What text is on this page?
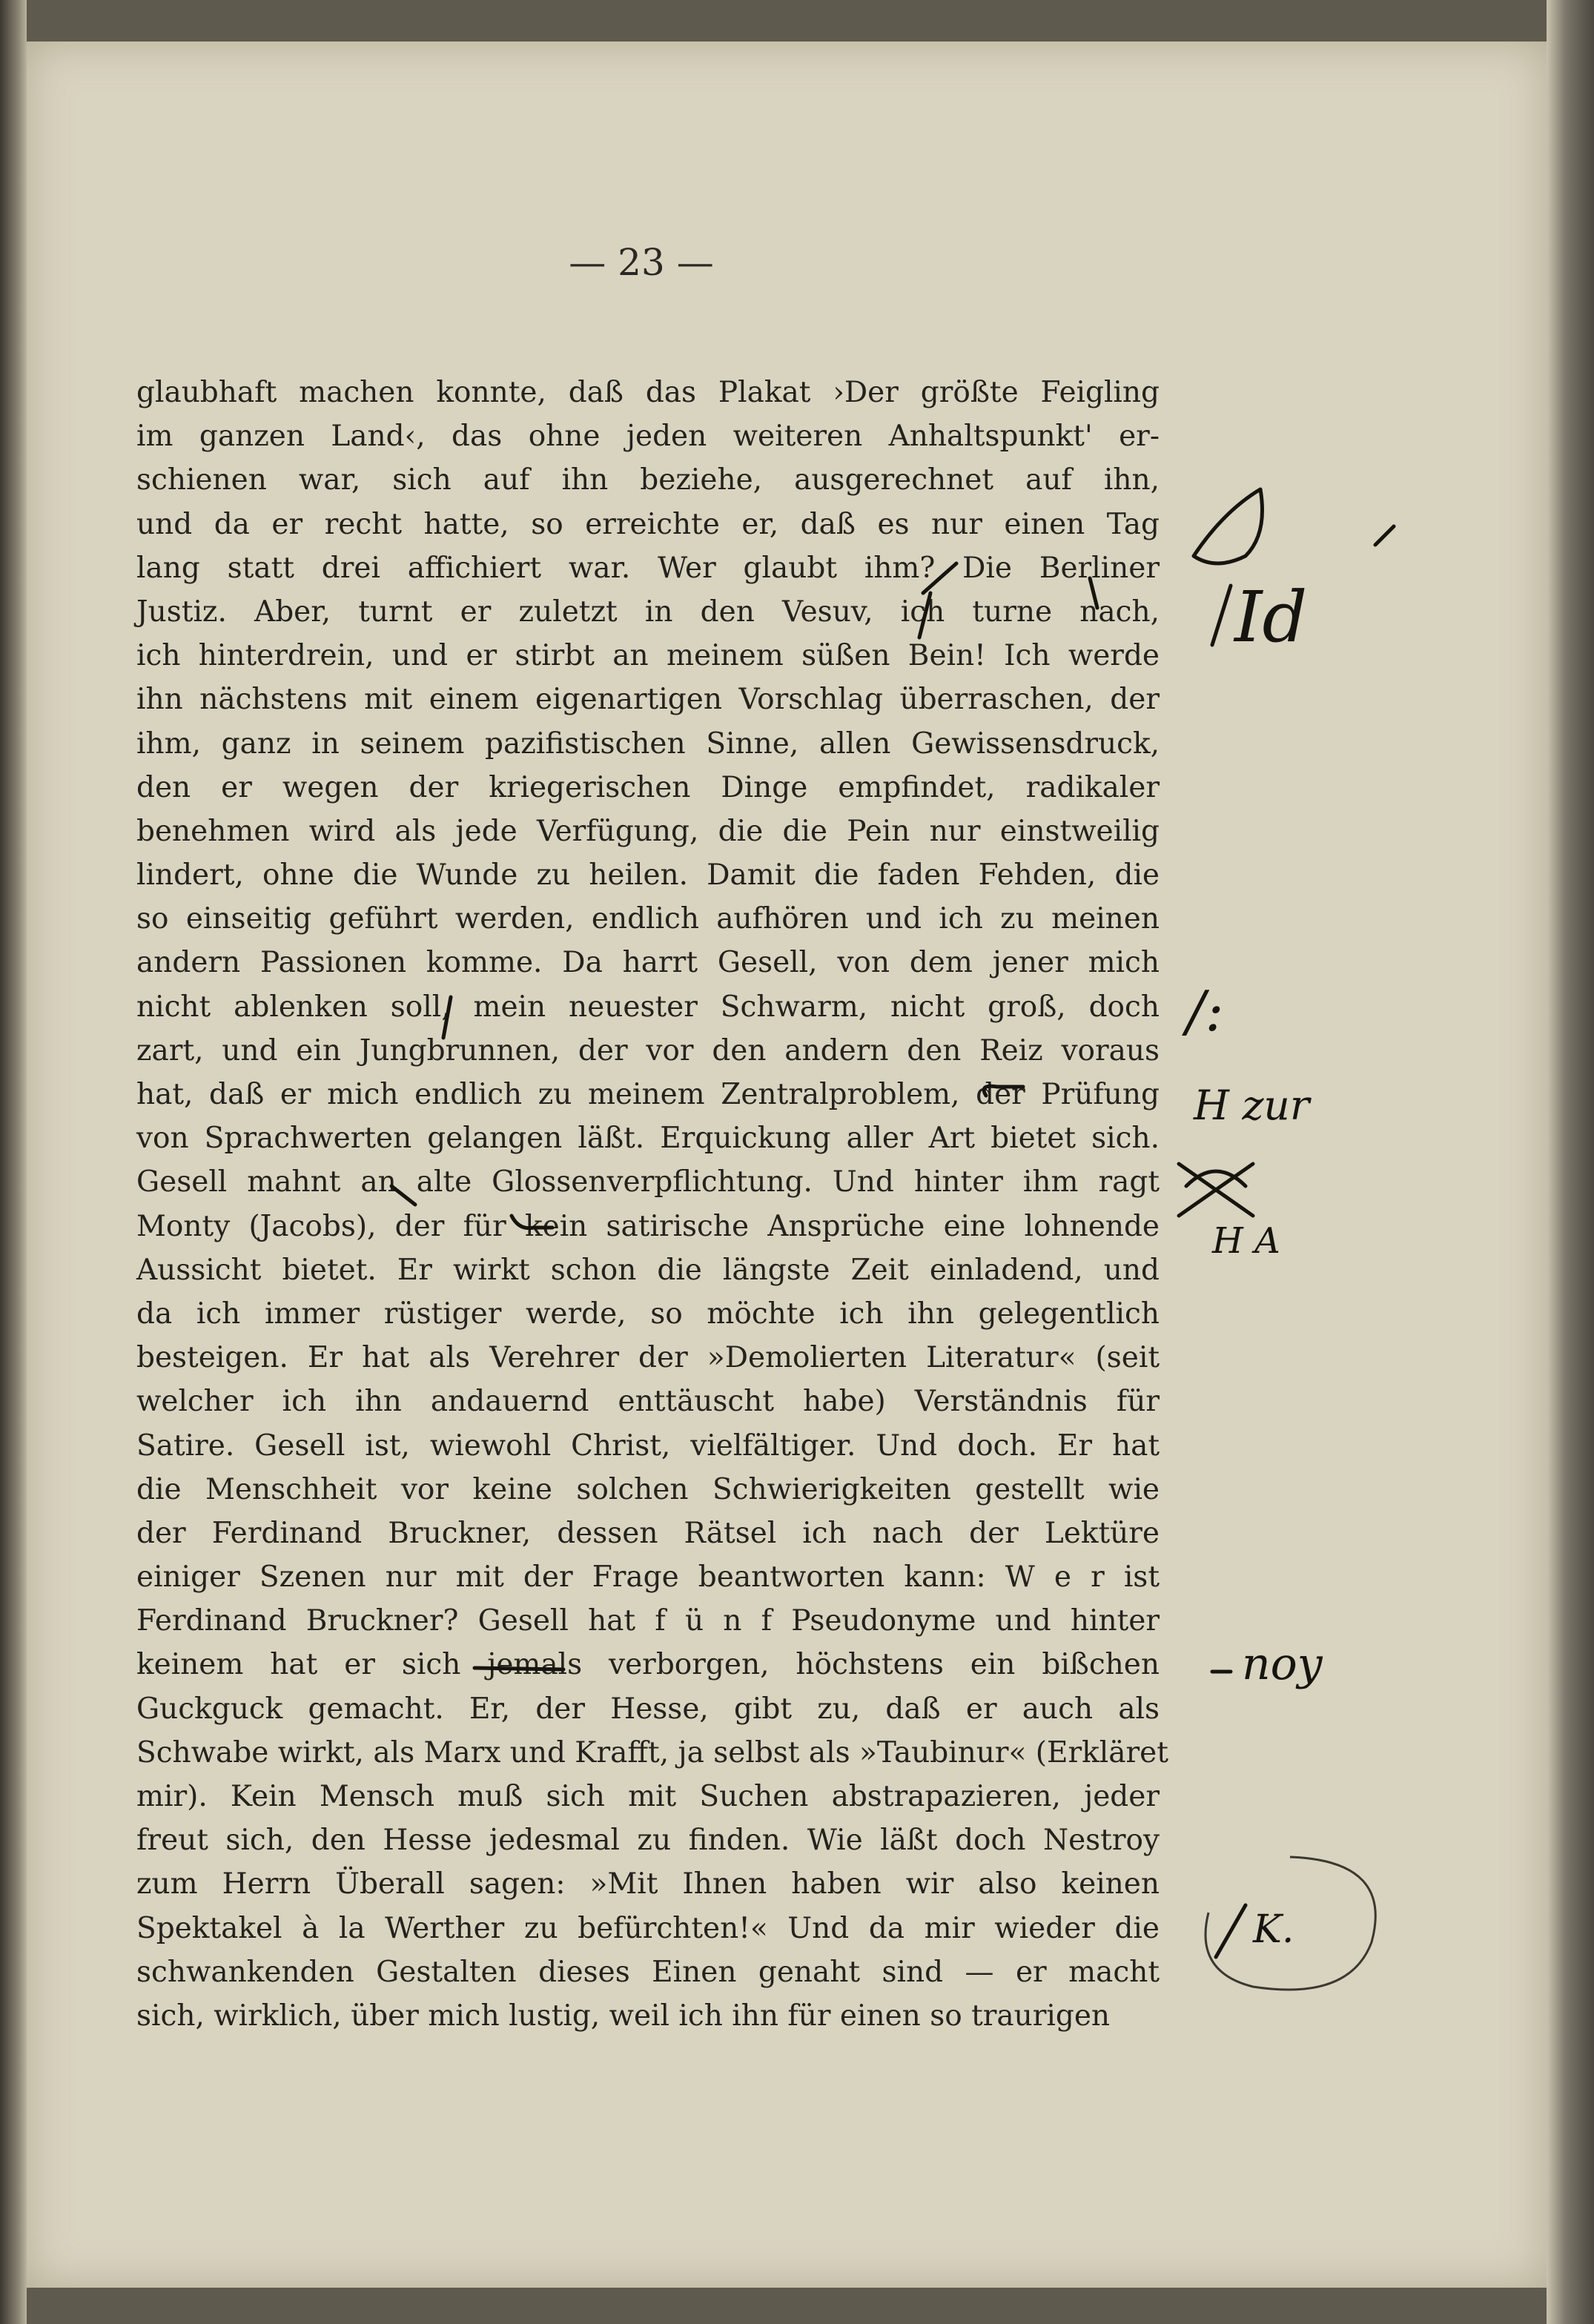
— 23 —
glaubhaft machen konnte, daß das Plakat ›Der größte Feigling
im ganzen Land‹, das ohne jeden weiteren Anhaltspunkt' er-
schienen war, sich auf ihn beziehe, ausgerechnet auf ihn,
und da er recht hatte, so erreichte er, daß es nur einen Tag
lang statt drei affichiert war. Wer glaubt ihm? Die Berliner
Justiz. Aber, turnt er zuletzt in den Vesuv, ich turne nach,
ich hinterdrein, und er stirbt an meinem süßen Bein! Ich werde
ihn nächstens mit einem eigenartigen Vorschlag überraschen, der
ihm, ganz in seinem pazifistischen Sinne, allen Gewissensdruck,
den er wegen der kriegerischen Dinge empfindet, radikaler
benehmen wird als jede Verfügung, die die Pein nur einstweilig
lindert, ohne die Wunde zu heilen. Damit die faden Fehden, die
so einseitig geführt werden, endlich aufhören und ich zu meinen
andern Passionen komme. Da harrt Gesell, von dem jener mich
nicht ablenken soll, mein neuester Schwarm, nicht groß, doch
zart, und ein Jungbrunnen, der vor den andern den Reiz voraus
hat, daß er mich endlich zu meinem Zentralproblem, der Prüfung
von Sprachwerten gelangen läßt. Erquickung aller Art bietet sich.
Gesell mahnt an alte Glossenverpflichtung. Und hinter ihm ragt
Monty (Jacobs), der für kein satirische Ansprüche eine lohnende
Aussicht bietet. Er wirkt schon die längste Zeit einladend, und
da ich immer rüstiger werde, so möchte ich ihn gelegentlich
besteigen. Er hat als Verehrer der »Demolierten Literatur« (seit
welcher ich ihn andauernd enttäuscht habe) Verständnis für
Satire. Gesell ist, wiewohl Christ, vielfältiger. Und doch. Er hat
die Menschheit vor keine solchen Schwierigkeiten gestellt wie
der Ferdinand Bruckner, dessen Rätsel ich nach der Lektüre
einiger Szenen nur mit der Frage beantworten kann: W e r ist
Ferdinand Bruckner? Gesell hat f ü n f Pseudonyme und hinter
keinem hat er sich jemals verborgen, höchstens ein bißchen
Guckguck gemacht. Er, der Hesse, gibt zu, daß er auch als
Schwabe wirkt, als Marx und Krafft, ja selbst als »Taubinur« (Erkläret
mir). Kein Mensch muß sich mit Suchen abstrapazieren, jeder
freut sich, den Hesse jedesmal zu finden. Wie läßt doch Nestroy
zum Herrn Überall sagen: »Mit Ihnen haben wir also keinen
Spektakel à la Werther zu befürchten!« Und da mir wieder die
schwankenden Gestalten dieses Einen genaht sind — er macht
sich, wirklich, über mich lustig, weil ich ihn für einen so traurigen
Id
/:
H zur
H A
noy
K.
